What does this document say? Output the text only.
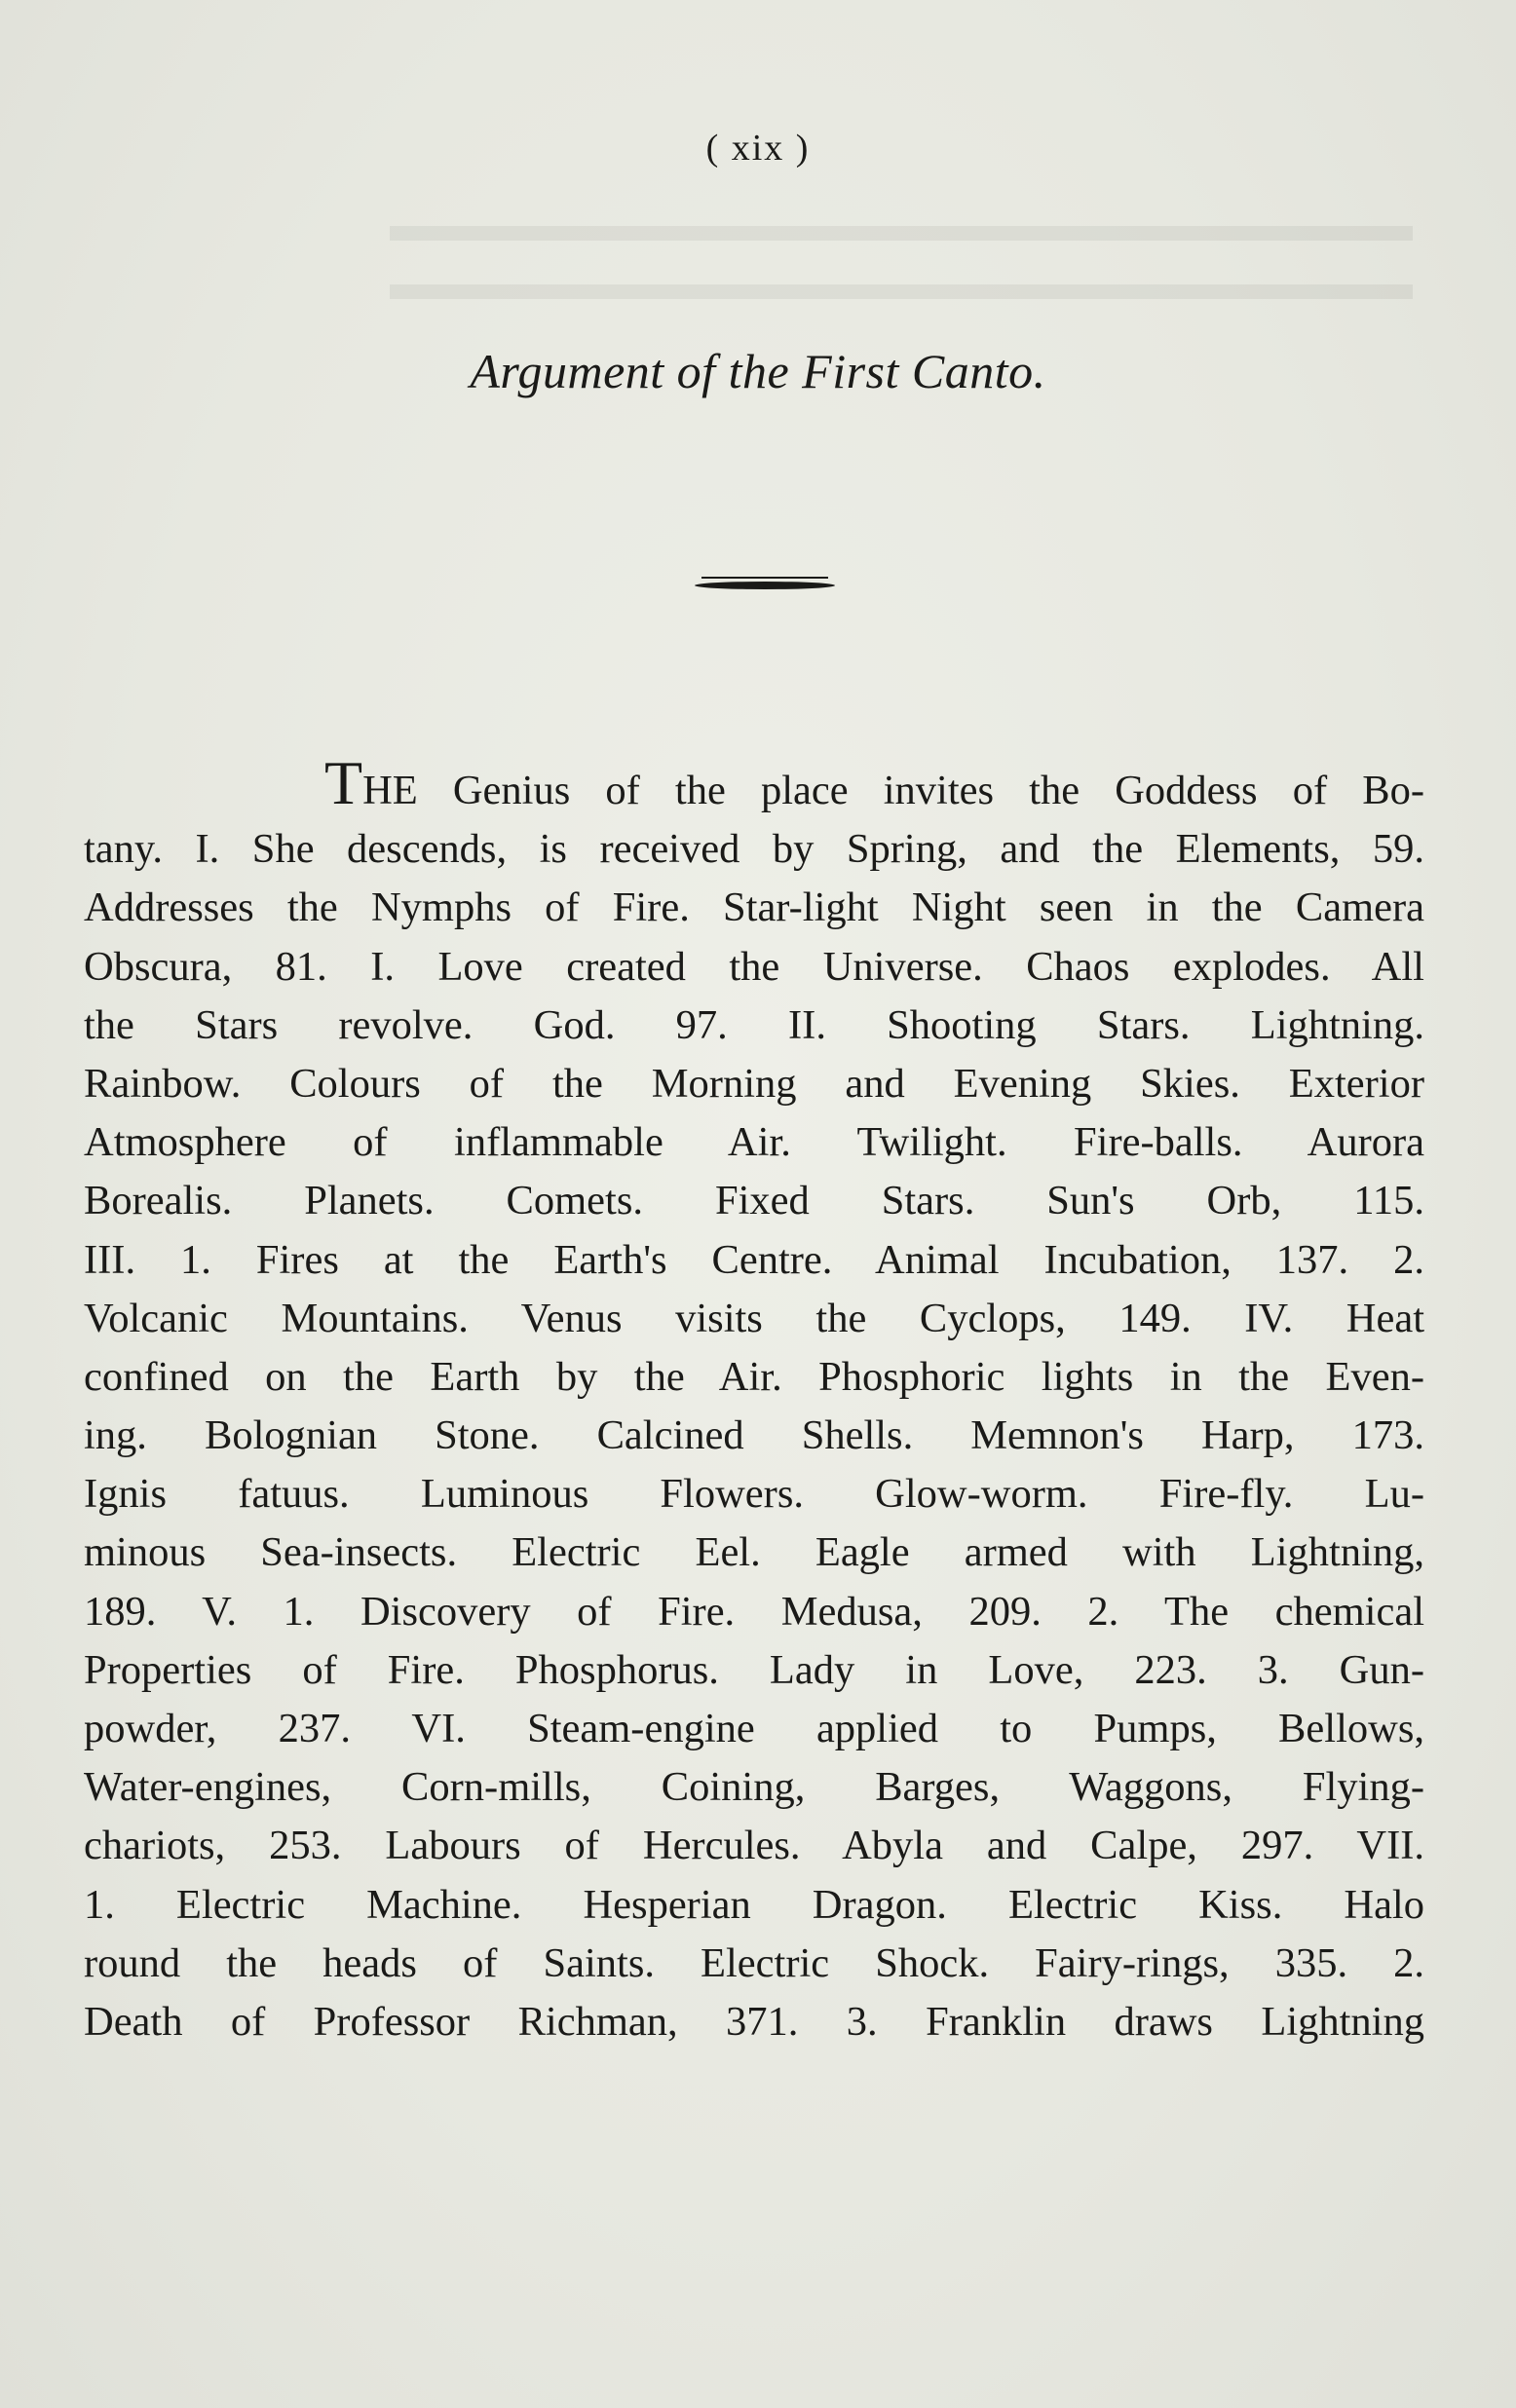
▬▬▬▬▬▬▬▬▬▬▬▬▬▬▬▬▬▬▬▬▬
▬▬▬▬▬▬▬▬▬▬▬▬▬▬▬▬▬▬▬▬▬
( xix )
Argument of the First Canto.
THE Genius of the place invites the Goddess of Bo-
tany. I. She descends, is received by Spring, and the Elements, 59.
Addresses the Nymphs of Fire. Star-light Night seen in the Camera
Obscura, 81. I. Love created the Universe. Chaos explodes. All
the Stars revolve. God. 97. II. Shooting Stars. Lightning.
Rainbow. Colours of the Morning and Evening Skies. Exterior
Atmosphere of inflammable Air. Twilight. Fire-balls. Aurora
Borealis. Planets. Comets. Fixed Stars. Sun's Orb, 115.
III. 1. Fires at the Earth's Centre. Animal Incubation, 137. 2.
Volcanic Mountains. Venus visits the Cyclops, 149. IV. Heat
confined on the Earth by the Air. Phosphoric lights in the Even-
ing. Bolognian Stone. Calcined Shells. Memnon's Harp, 173.
Ignis fatuus. Luminous Flowers. Glow-worm. Fire-fly. Lu-
minous Sea-insects. Electric Eel. Eagle armed with Lightning,
189. V. 1. Discovery of Fire. Medusa, 209. 2. The chemical
Properties of Fire. Phosphorus. Lady in Love, 223. 3. Gun-
powder, 237. VI. Steam-engine applied to Pumps, Bellows,
Water-engines, Corn-mills, Coining, Barges, Waggons, Flying-
chariots, 253. Labours of Hercules. Abyla and Calpe, 297. VII.
1. Electric Machine. Hesperian Dragon. Electric Kiss. Halo
round the heads of Saints. Electric Shock. Fairy-rings, 335. 2.
Death of Professor Richman, 371. 3. Franklin draws Lightning
